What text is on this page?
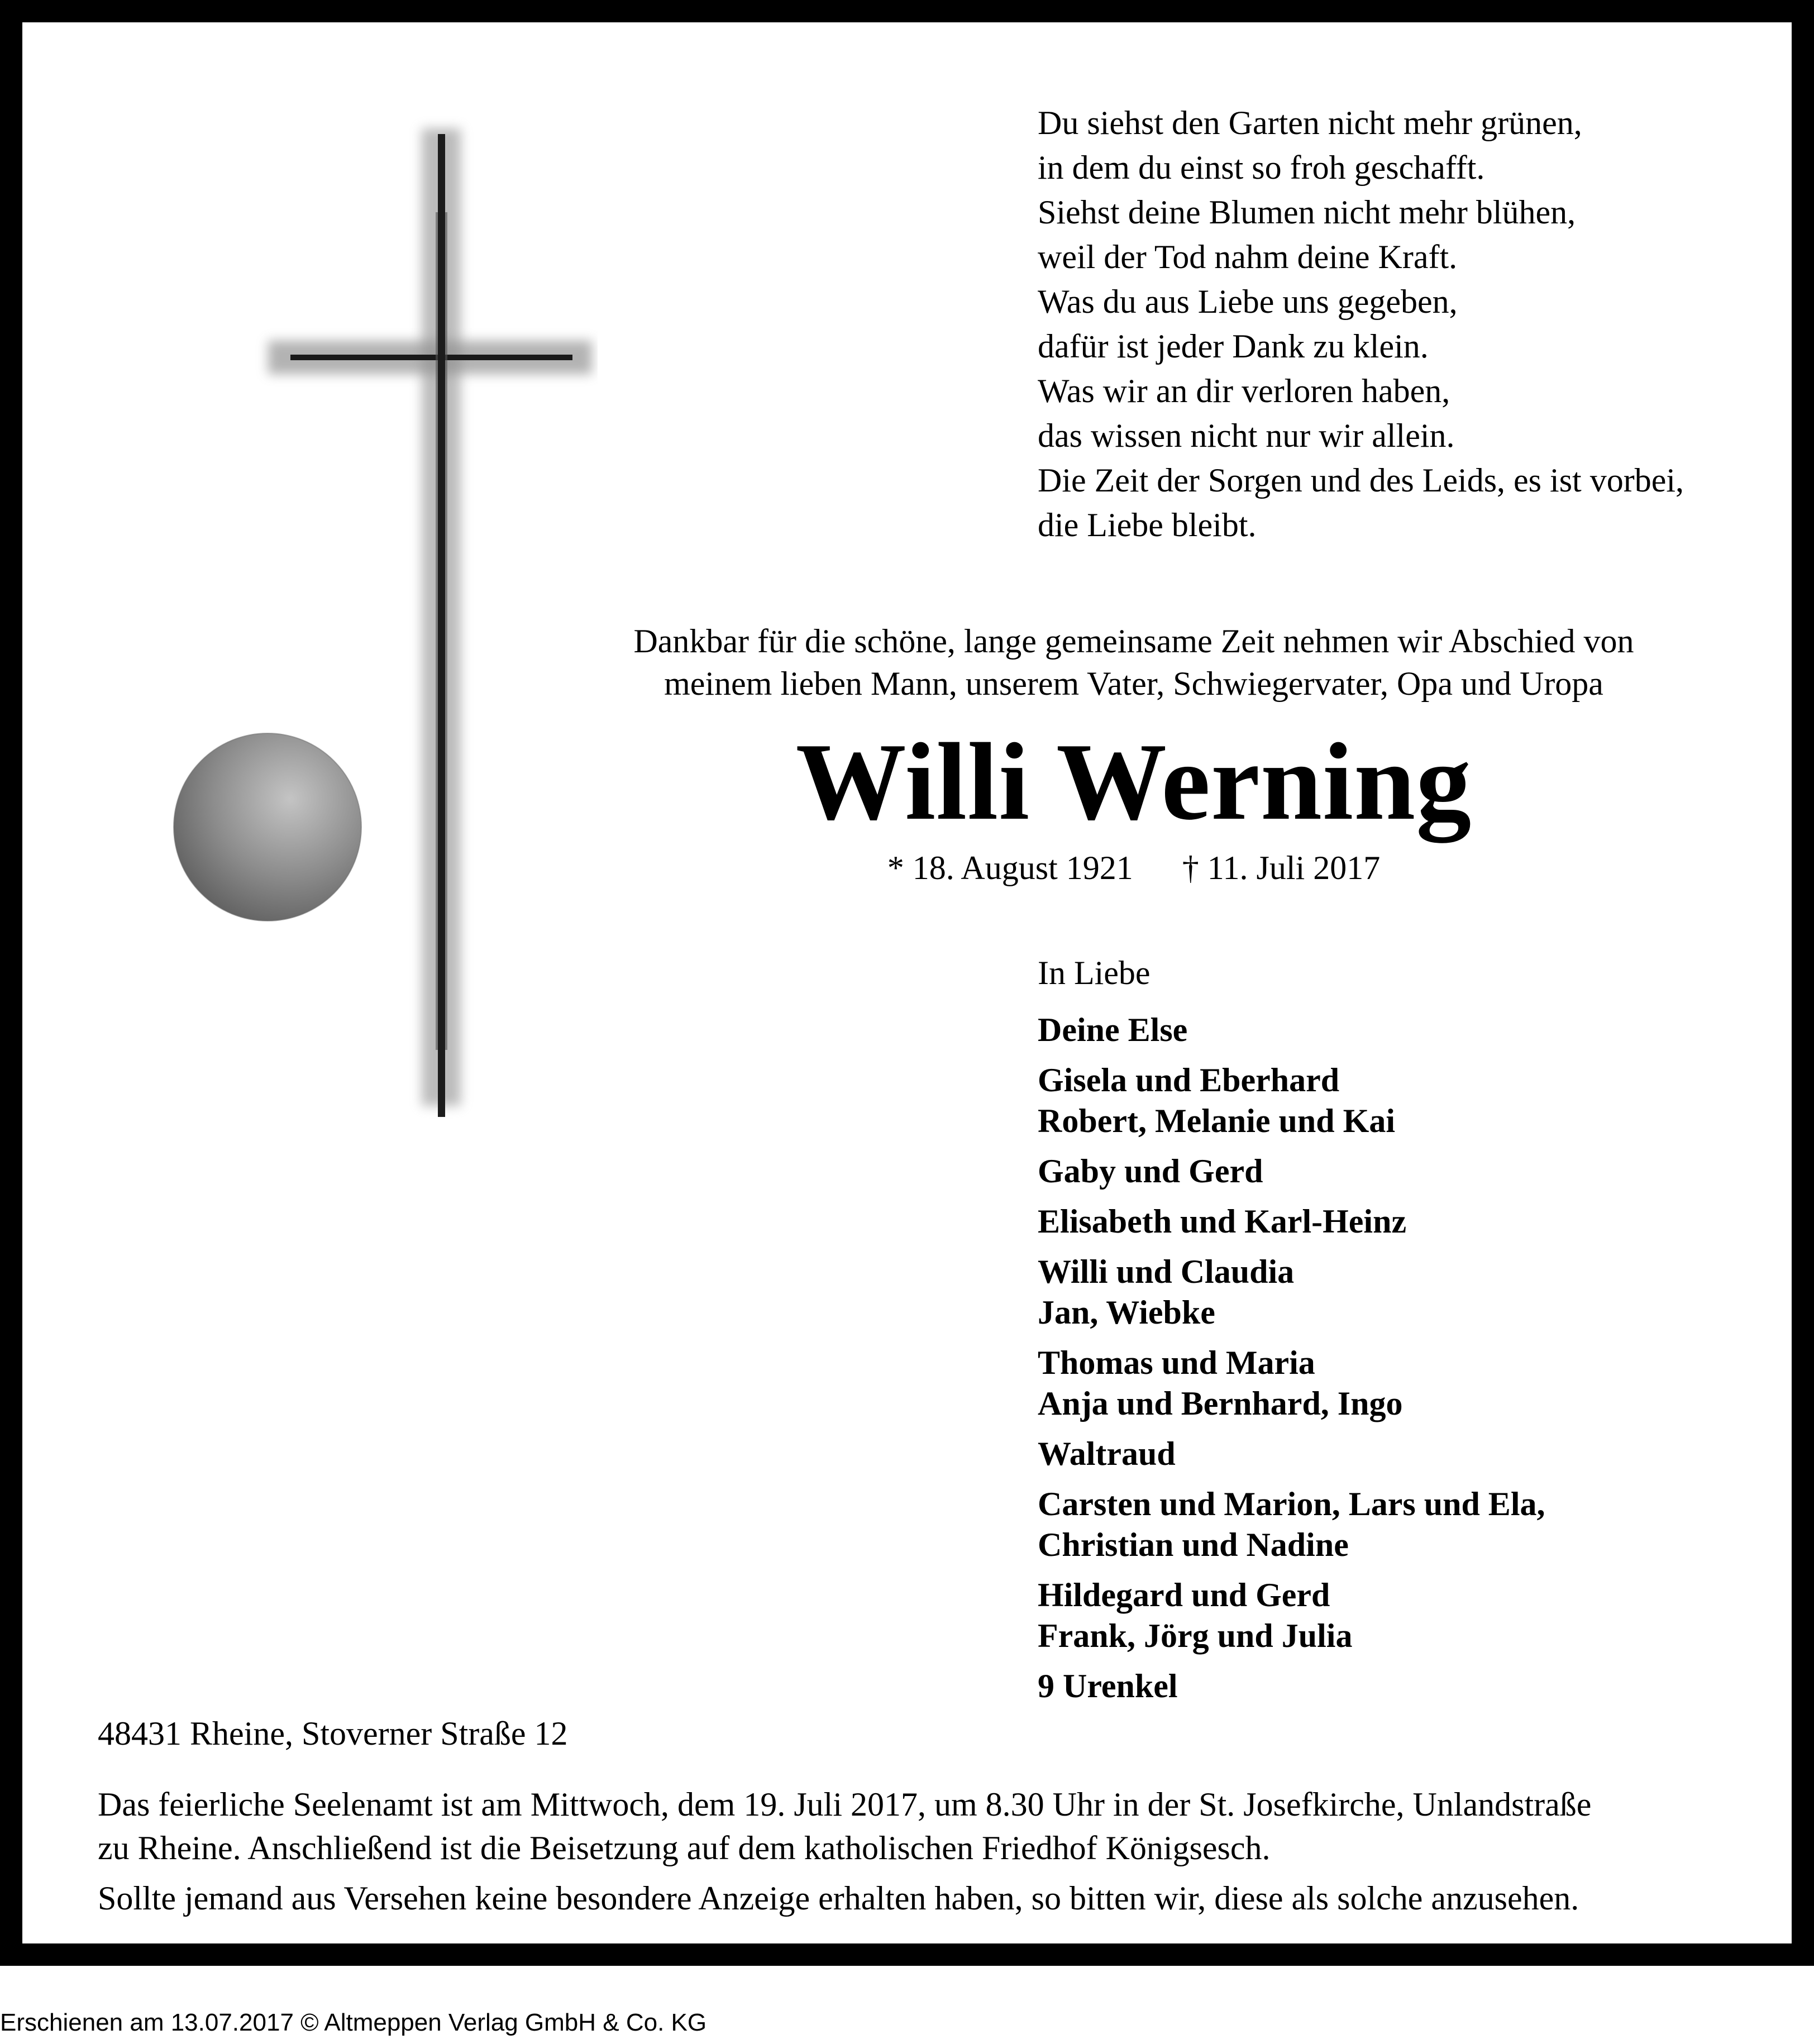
Du siehst den Garten nicht mehr grünen,
in dem du einst so froh geschafft.
Siehst deine Blumen nicht mehr blühen,
weil der Tod nahm deine Kraft.
Was du aus Liebe uns gegeben,
dafür ist jeder Dank zu klein.
Was wir an dir verloren haben,
das wissen nicht nur wir allein.
Die Zeit der Sorgen und des Leids, es ist vorbei,
die Liebe bleibt.
Dankbar für die schöne, lange gemeinsame Zeit nehmen wir Abschied von
meinem lieben Mann, unserem Vater, Schwiegervater, Opa und Uropa
Willi Werning
* 18. August 1921 † 11. Juli 2017
In Liebe
Deine Else
Gisela und Eberhard
Robert, Melanie und Kai
Gaby und Gerd
Elisabeth und Karl-Heinz
Willi und Claudia
Jan, Wiebke
Thomas und Maria
Anja und Bernhard, Ingo
Waltraud
Carsten und Marion, Lars und Ela,
Christian und Nadine
Hildegard und Gerd
Frank, Jörg und Julia
9 Urenkel
48431 Rheine, Stoverner Straße 12
Das feierliche Seelenamt ist am Mittwoch, dem 19. Juli 2017, um 8.30 Uhr in der St. Josefkirche, Unlandstraße
zu Rheine. Anschließend ist die Beisetzung auf dem katholischen Friedhof Königsesch.
Sollte jemand aus Versehen keine besondere Anzeige erhalten haben, so bitten wir, diese als solche anzusehen.
Erschienen am 13.07.2017 © Altmeppen Verlag GmbH & Co. KG
